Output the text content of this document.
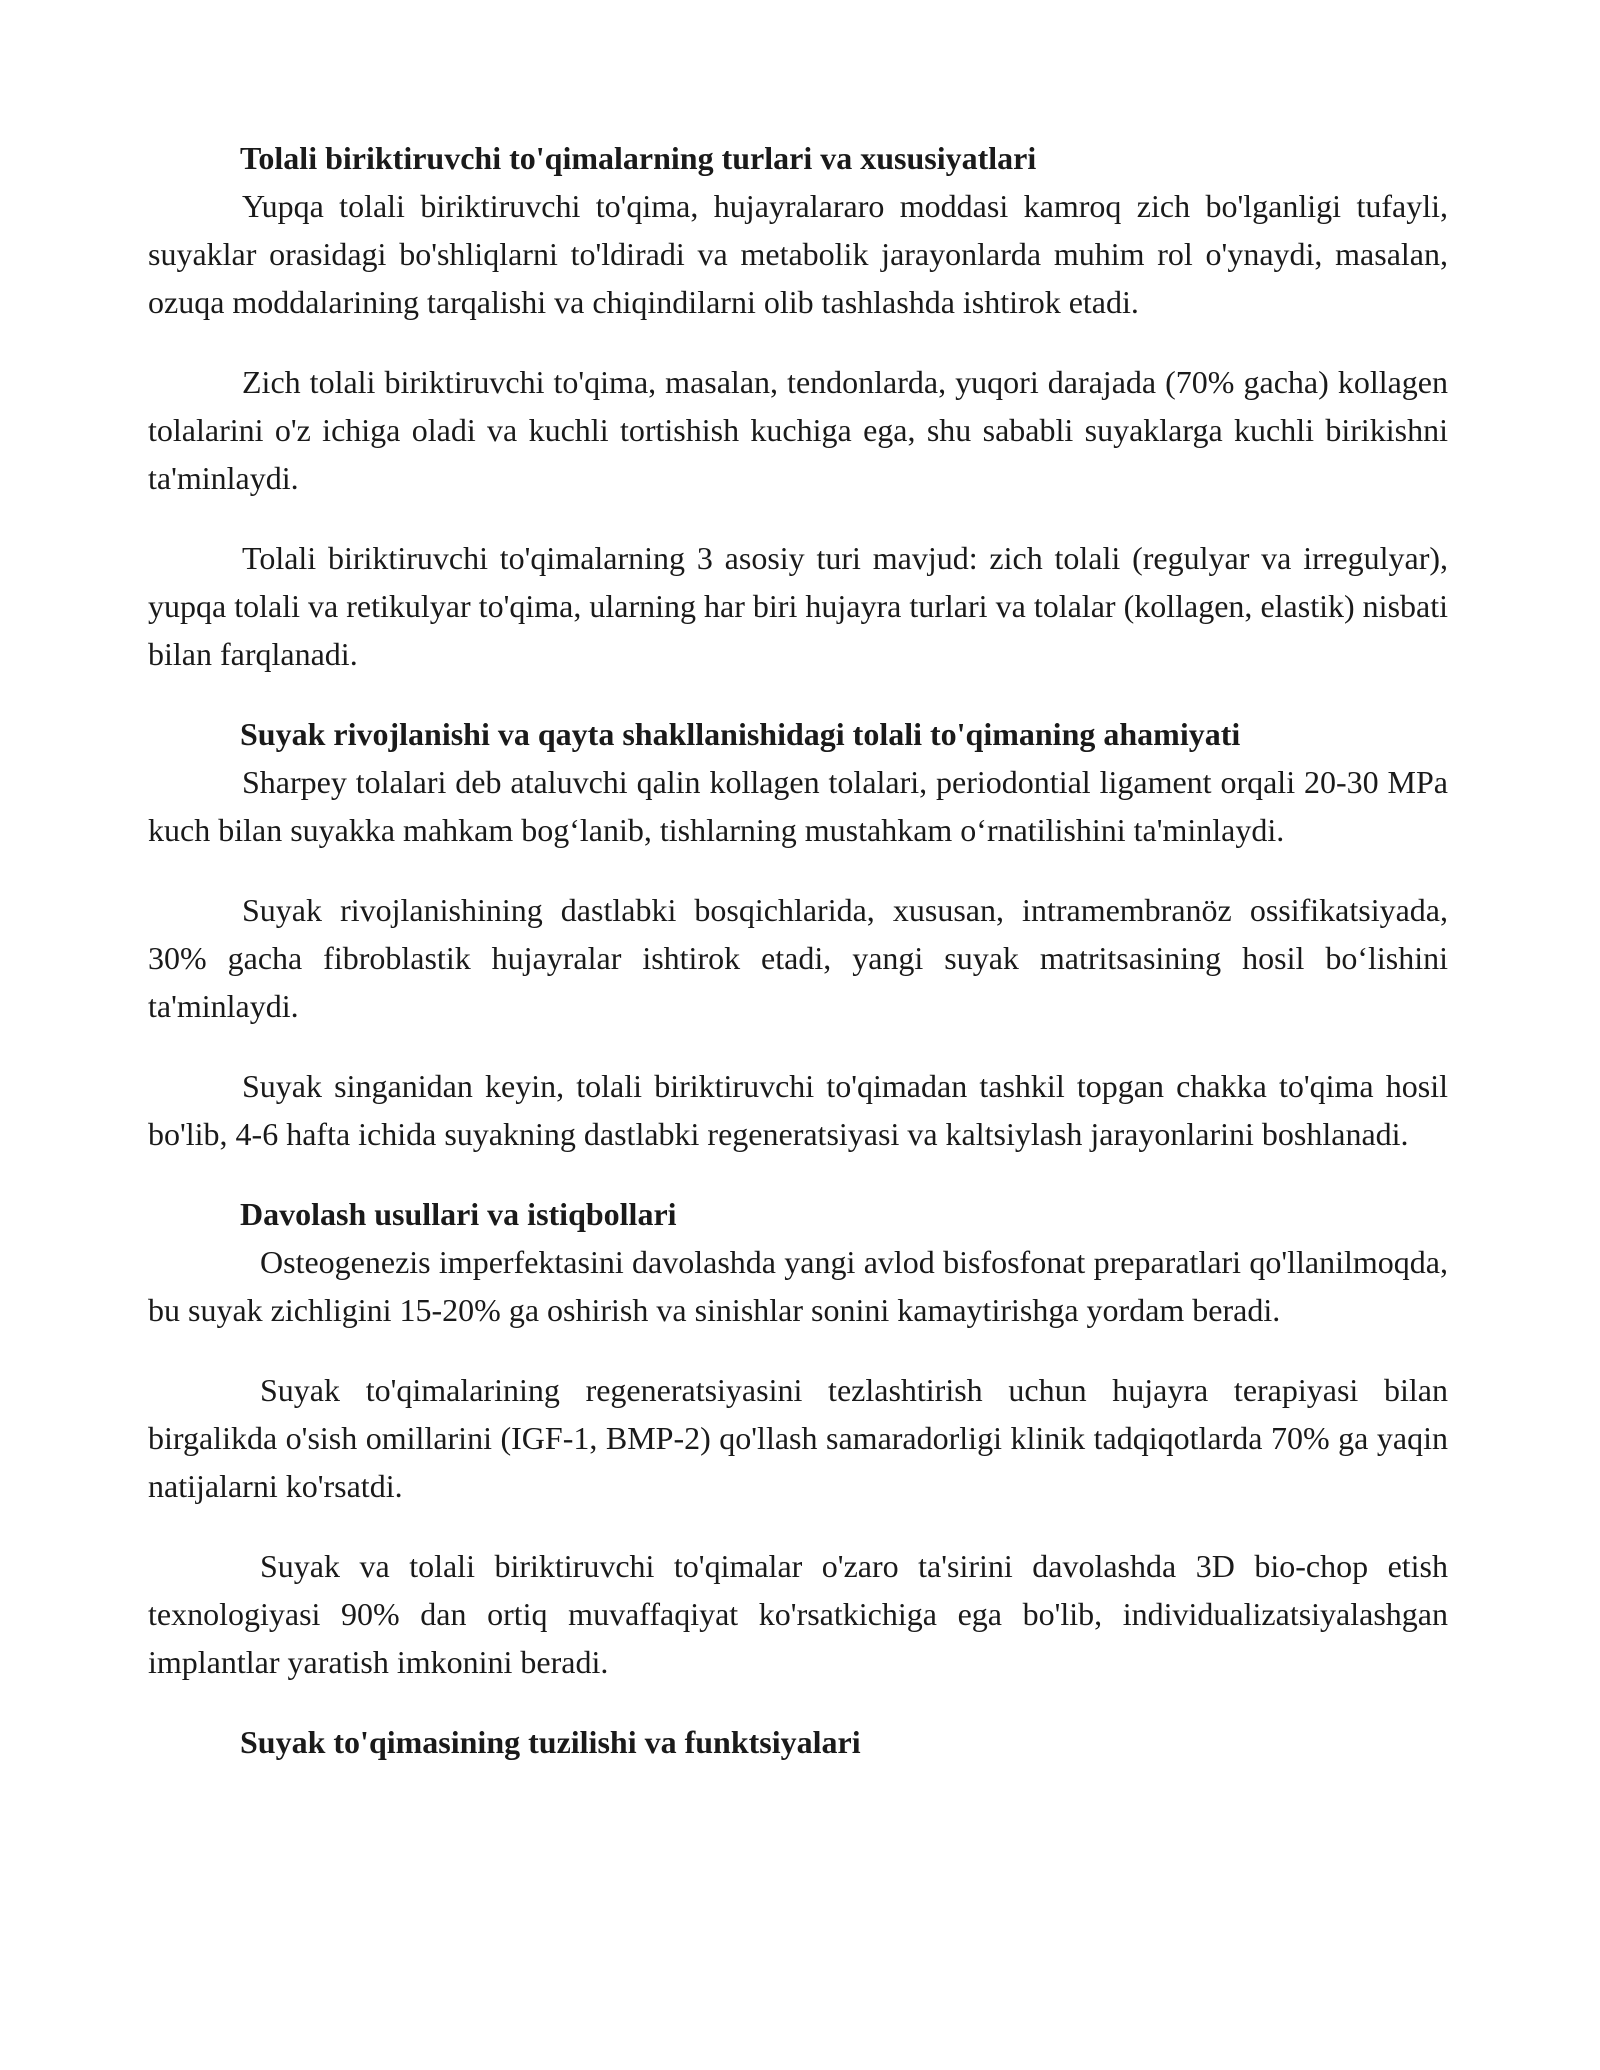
Tolali biriktiruvchi to'qimalarning turlari va xususiyatlari

Yupqa tolali biriktiruvchi to'qima, hujayralararo moddasi kamroq zich bo'lganligi tufayli, suyaklar orasidagi bo'shliqlarni to'ldiradi va metabolik jarayonlarda muhim rol o'ynaydi, masalan, ozuqa moddalarining tarqalishi va chiqindilarni olib tashlashda ishtirok etadi.

Zich tolali biriktiruvchi to'qima, masalan, tendonlarda, yuqori darajada (70% gacha) kollagen tolalarini o'z ichiga oladi va kuchli tortishish kuchiga ega, shu sababli suyaklarga kuchli birikishni ta'minlaydi.

Tolali biriktiruvchi to'qimalarning 3 asosiy turi mavjud: zich tolali (regulyar va irregulyar), yupqa tolali va retikulyar to'qima, ularning har biri hujayra turlari va tolalar (kollagen, elastik) nisbati bilan farqlanadi.

Suyak rivojlanishi va qayta shakllanishidagi tolali to'qimaning ahamiyati

Sharpey tolalari deb ataluvchi qalin kollagen tolalari, periodontial ligament orqali 20-30 MPa kuch bilan suyakka mahkam bog‘lanib, tishlarning mustahkam o‘rnatilishini ta'minlaydi.

Suyak rivojlanishining dastlabki bosqichlarida, xususan, intramembranöz ossifikatsiyada, 30% gacha fibroblastik hujayralar ishtirok etadi, yangi suyak matritsasining hosil bo‘lishini ta'minlaydi.

Suyak singanidan keyin, tolali biriktiruvchi to'qimadan tashkil topgan chakka to'qima hosil bo'lib, 4-6 hafta ichida suyakning dastlabki regeneratsiyasi va kaltsiylash jarayonlarini boshlanadi.

Davolash usullari va istiqbollari

Osteogenezis imperfektasini davolashda yangi avlod bisfosfonat preparatlari qo'llanilmoqda, bu suyak zichligini 15-20% ga oshirish va sinishlar sonini kamaytirishga yordam beradi.

Suyak to'qimalarining regeneratsiyasini tezlashtirish uchun hujayra terapiyasi bilan birgalikda o'sish omillarini (IGF-1, BMP-2) qo'llash samaradorligi klinik tadqiqotlarda 70% ga yaqin natijalarni ko'rsatdi.

Suyak va tolali biriktiruvchi to'qimalar o'zaro ta'sirini davolashda 3D bio-chop etish texnologiyasi 90% dan ortiq muvaffaqiyat ko'rsatkichiga ega bo'lib, individualizatsiyalashgan implantlar yaratish imkonini beradi.

Suyak to'qimasining tuzilishi va funktsiyalari
